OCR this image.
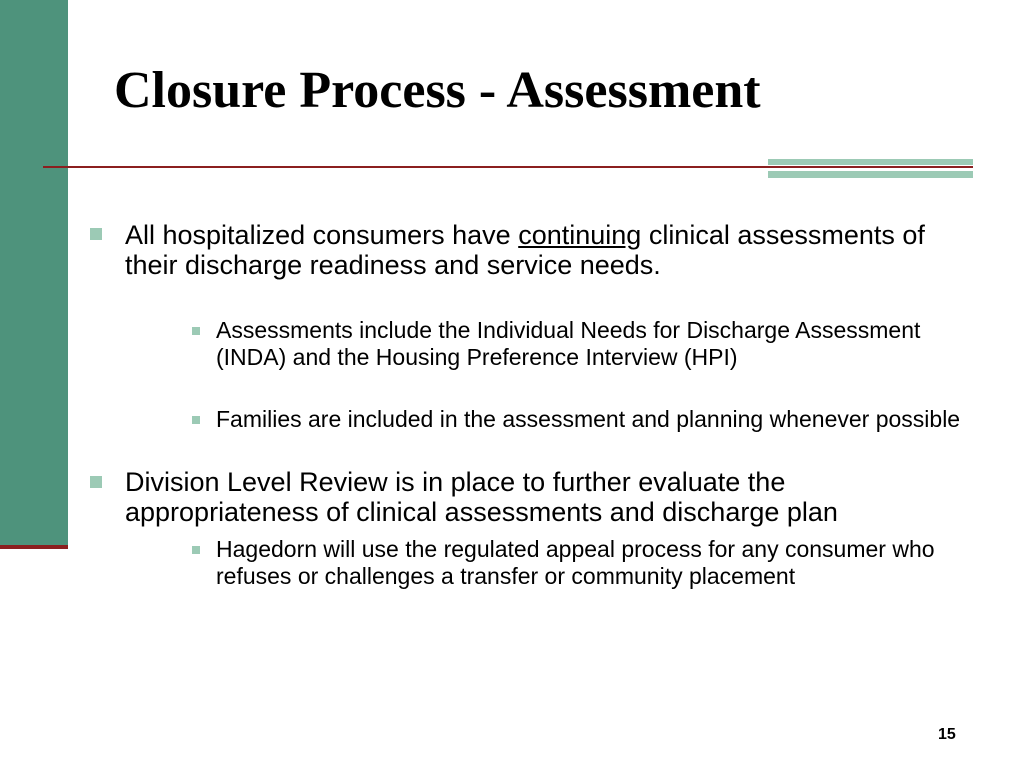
Closure Process - Assessment

All hospitalized consumers have continuing clinical assessments of their discharge readiness and service needs.

Assessments include the Individual Needs for Discharge Assessment (INDA) and the Housing Preference Interview (HPI)

Families are included in the assessment and planning whenever possible

Division Level Review is in place to further evaluate the appropriateness of clinical assessments and discharge plan

Hagedorn will use the regulated appeal process for any consumer who refuses or challenges a transfer or community placement

15
